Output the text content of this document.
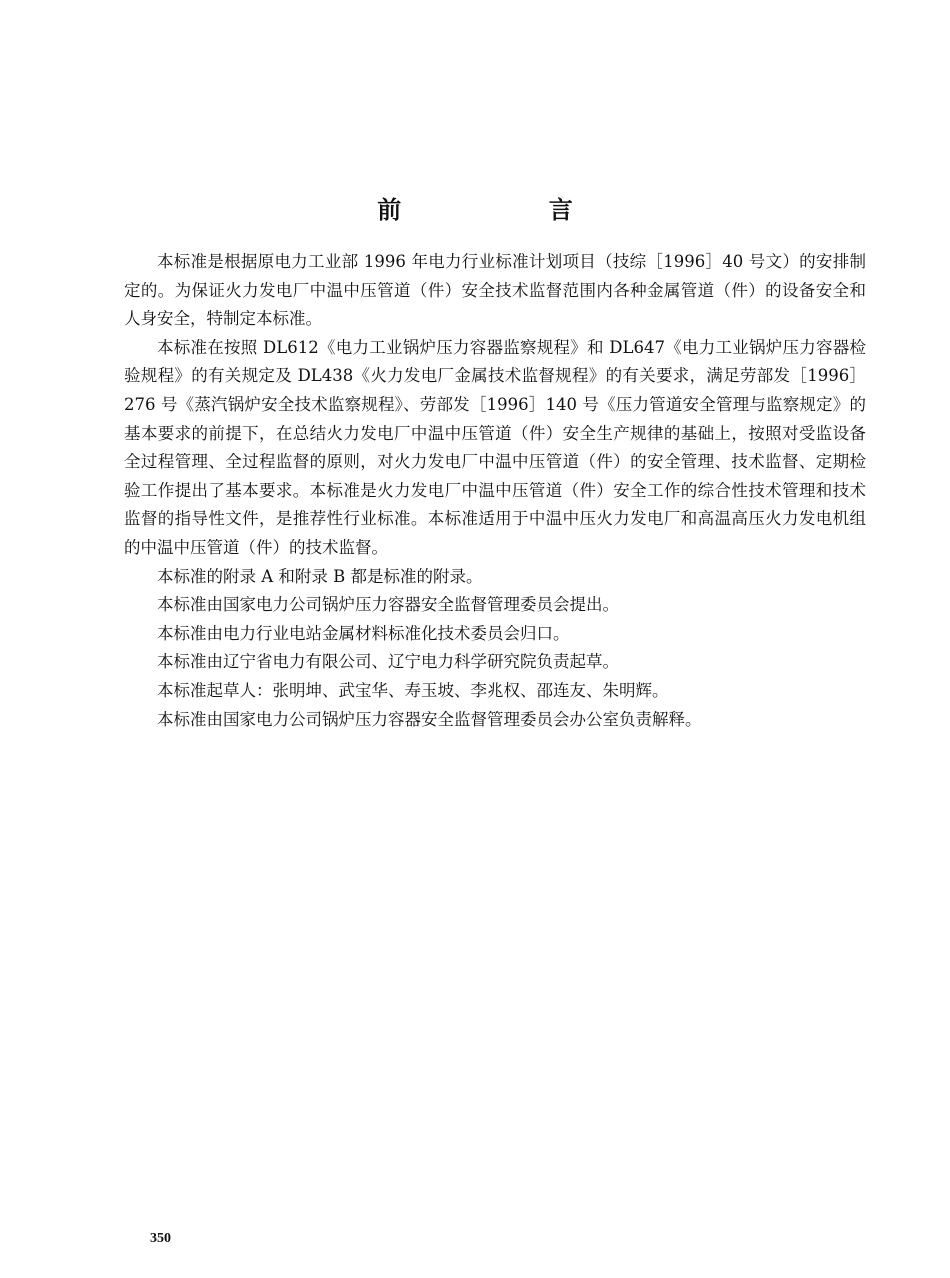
前 言

本标准是根据原电力工业部 1996 年电力行业标准计划项目（技综［1996］40 号文）的安排制定的。为保证火力发电厂中温中压管道（件）安全技术监督范围内各种金属管道（件）的设备安全和人身安全，特制定本标准。

本标准在按照 DL612《电力工业锅炉压力容器监察规程》和 DL647《电力工业锅炉压力容器检验规程》的有关规定及 DL438《火力发电厂金属技术监督规程》的有关要求，满足劳部发［1996］276 号《蒸汽锅炉安全技术监察规程》、劳部发［1996］140 号《压力管道安全管理与监察规定》的基本要求的前提下，在总结火力发电厂中温中压管道（件）安全生产规律的基础上，按照对受监设备全过程管理、全过程监督的原则，对火力发电厂中温中压管道（件）的安全管理、技术监督、定期检验工作提出了基本要求。本标准是火力发电厂中温中压管道（件）安全工作的综合性技术管理和技术监督的指导性文件，是推荐性行业标准。本标准适用于中温中压火力发电厂和高温高压火力发电机组的中温中压管道（件）的技术监督。

本标准的附录 A 和附录 B 都是标准的附录。

本标准由国家电力公司锅炉压力容器安全监督管理委员会提出。

本标准由电力行业电站金属材料标准化技术委员会归口。

本标准由辽宁省电力有限公司、辽宁电力科学研究院负责起草。

本标准起草人：张明坤、武宝华、寿玉坡、李兆权、邵连友、朱明辉。

本标准由国家电力公司锅炉压力容器安全监督管理委员会办公室负责解释。

350
